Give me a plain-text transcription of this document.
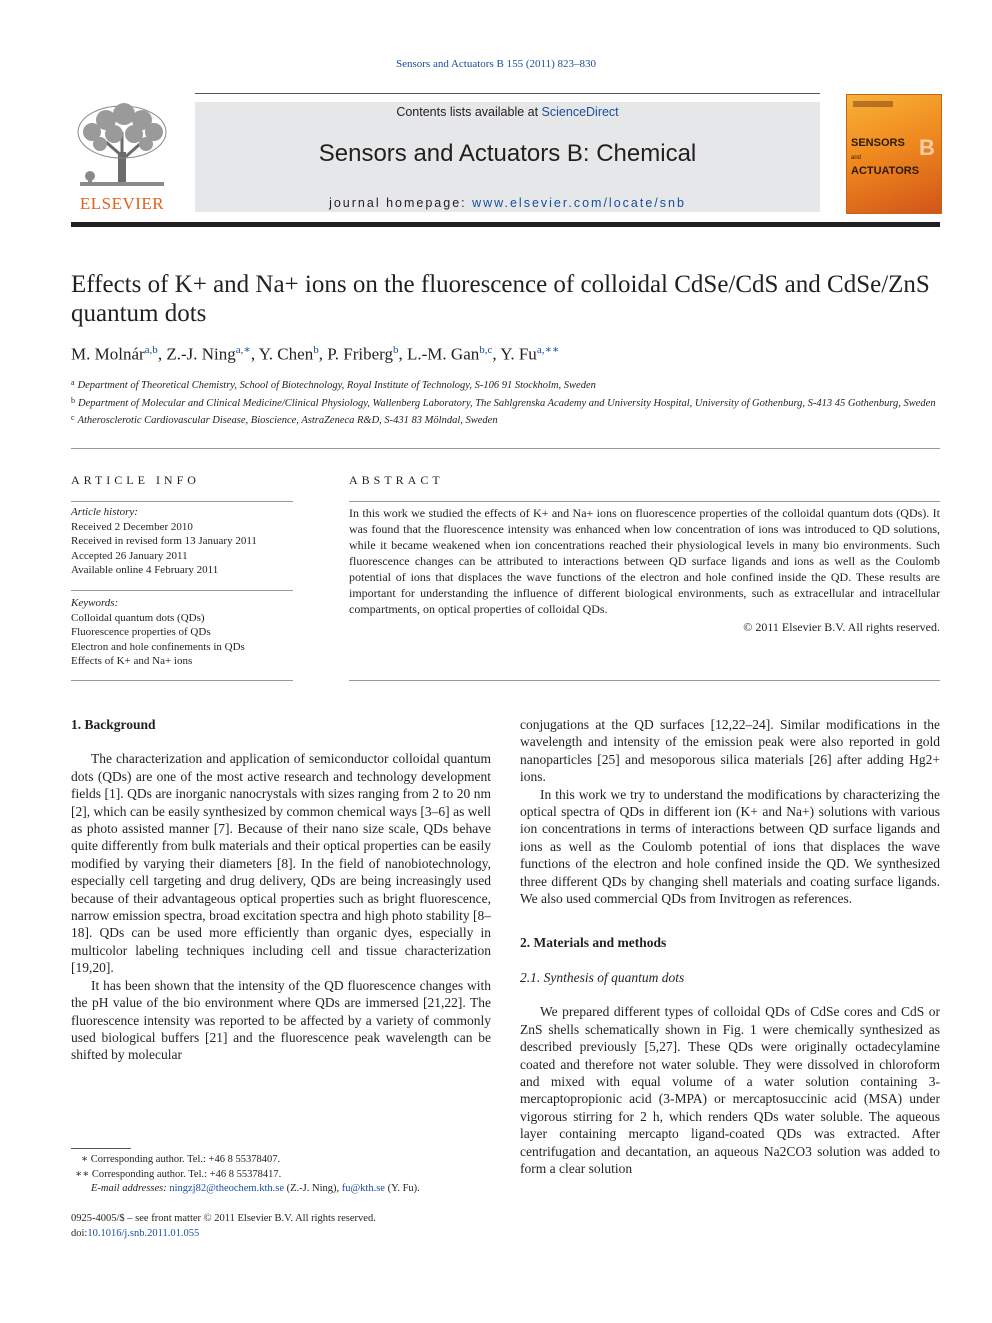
Sensors and Actuators B 155 (2011) 823–830
ELSEVIER
Contents lists available at ScienceDirect
Sensors and Actuators B: Chemical
journal homepage: www.elsevier.com/locate/snb
SENSORS
and
ACTUATORS
B
Effects of K+ and Na+ ions on the fluorescence of colloidal CdSe/CdS and CdSe/ZnS
quantum dots
M. Molnár$^{a,b}$, Z.-J. Ning$^{a,∗}$, Y. Chen$^b$, P. Friberg$^b$, L.-M. Gan$^{b,c}$, Y. $Fu^{a,∗∗}$
$^a$ Department of Theoretical Chemistry, School of Biotechnology, Royal Institute of Technology, S-106 91 Stockholm, Sweden
$^b$ Department of Molecular and Clinical Medicine/Clinical Physiology, Wallenberg Laboratory, The Sahlgrenska Academy and University Hospital, University of Gothenburg, S-413 45 Gothenburg, Sweden
$^c$ Atherosclerotic Cardiovascular Disease, Bioscience, AstraZeneca R&D, S-431 83 Mölndal, Sweden
ARTICLE INFO
Article history:
Received 2 December 2010
Received in revised form 13 January 2011
Accepted 26 January 2011
Available online 4 February 2011
Keywords:
Colloidal quantum dots (QDs)
Fluorescence properties of QDs
Electron and hole confinements in QDs
Effects of K+ and Na+ ions
ABSTRACT
In this work we studied the effects of K+ and Na+ ions on fluorescence properties of the colloidal quantum dots (QDs). It was found that the fluorescence intensity was enhanced when low concentration of ions was introduced to QD solutions, while it became weakened when ion concentrations reached their physiological levels in many bio environments. Such fluorescence changes can be attributed to interactions between QD surface ligands and ions as well as the Coulomb potential of ions that displaces the wave functions of the electron and hole confined inside the QD. These results are important for understanding the influence of different biological environments, such as extracellular and intracellular compartments, on optical properties of colloidal QDs.
© 2011 Elsevier B.V. All rights reserved.
1. Background

The characterization and application of semiconductor colloidal quantum dots (QDs) are one of the most active research and technology development fields [1]. QDs are inorganic nanocrystals with sizes ranging from 2 to 20 nm [2], which can be easily synthesized by common chemical ways [3–6] as well as photo assisted manner [7]. Because of their nano size scale, QDs behave quite differently from bulk materials and their optical properties can be easily modified by varying their diameters [8]. In the field of nanobiotechnology, especially cell targeting and drug delivery, QDs are being increasingly used because of their advantageous optical properties such as bright fluorescence, narrow emission spectra, broad excitation spectra and high photo stability [8–18]. QDs can be used more efficiently than organic dyes, especially in multicolor labeling techniques including cell and tissue characterization [19,20].

It has been shown that the intensity of the QD fluorescence changes with the pH value of the bio environment where QDs are immersed [21,22]. The fluorescence intensity was reported to be affected by a variety of commonly used biological buffers [21] and the fluorescence peak wavelength can be shifted by molecular

conjugations at the QD surfaces [12,22–24]. Similar modifications in the wavelength and intensity of the emission peak were also reported in gold nanoparticles [25] and mesoporous silica materials [26] after adding Hg2+ ions.

In this work we try to understand the modifications by characterizing the optical spectra of QDs in different ion (K+ and Na+) solutions with various ion concentrations in terms of interactions between QD surface ligands and ions as well as the Coulomb potential of ions that displaces the wave functions of the electron and hole confined inside the QD. We synthesized three different QDs by changing shell materials and coating surface ligands. We also used commercial QDs from Invitrogen as references.

2. Materials and methods
2.1. Synthesis of quantum dots

We prepared different types of colloidal QDs of CdSe cores and CdS or ZnS shells schematically shown in Fig. 1 were chemically synthesized as described previously [5,27]. These QDs were originally octadecylamine coated and therefore not water soluble. They were dissolved in chloroform and mixed with equal volume of a water solution containing 3-mercaptopropionic acid (3-MPA) or mercaptosuccinic acid (MSA) under vigorous stirring for 2 h, which renders QDs water soluble. The aqueous layer containing mercapto ligand-coated QDs was extracted. After centrifugation and decantation, an aqueous Na2CO3 solution was added to form a clear solution

∗ Corresponding author. Tel.: +46 8 55378407.
∗∗ Corresponding author. Tel.: +46 8 55378417.
E-mail addresses: ningzj82@theochem.kth.se (Z.-J. Ning), fu@kth.se (Y. Fu).
0925-4005/$ – see front matter © 2011 Elsevier B.V. All rights reserved.
doi:10.1016/j.snb.2011.01.055
